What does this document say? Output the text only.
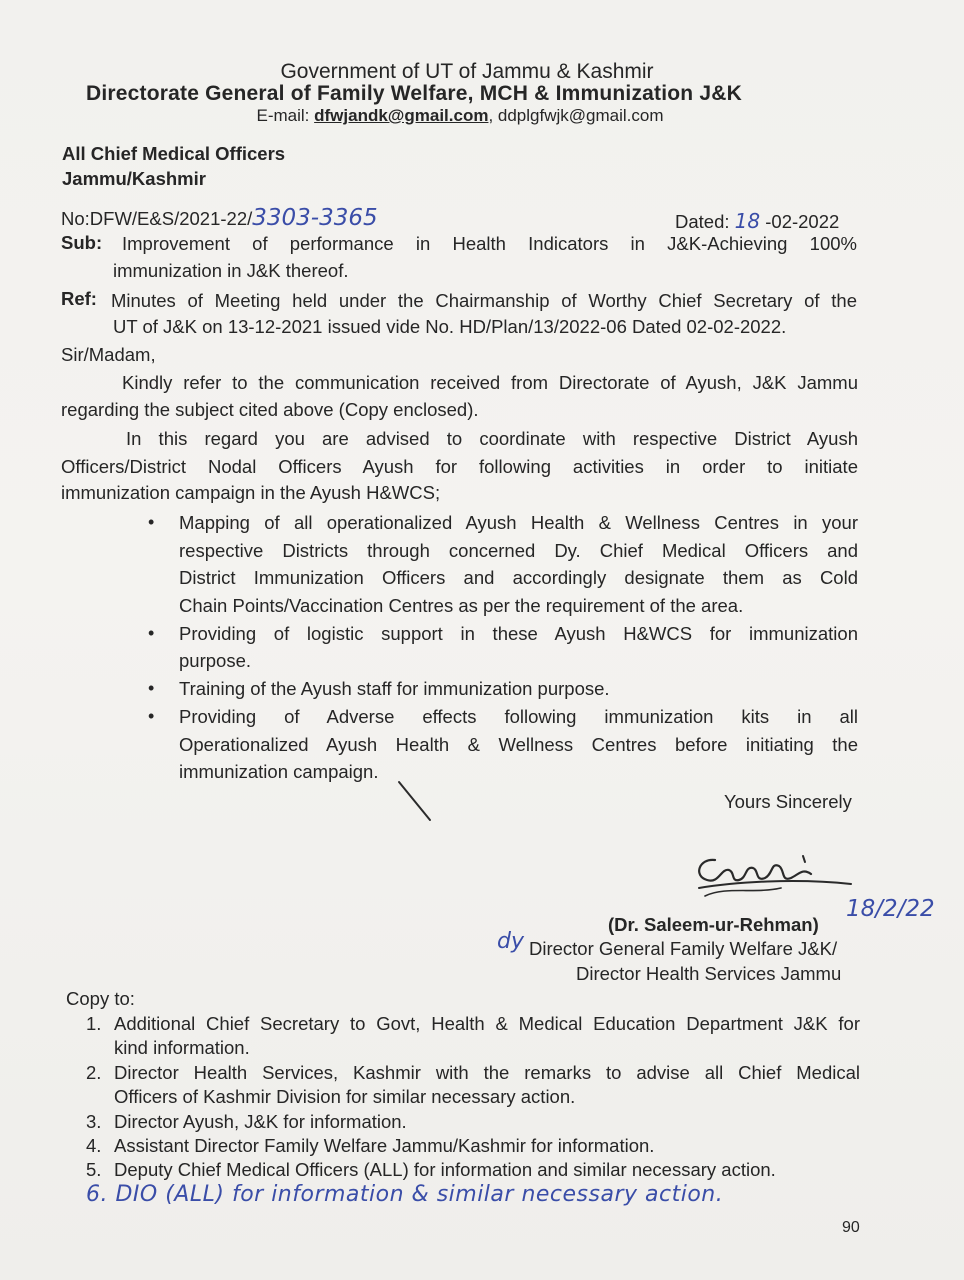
Government of UT of Jammu & Kashmir
Directorate General of Family Welfare, MCH & Immunization J&K
E-mail: dfwjandk@gmail.com, ddplgfwjk@gmail.com
All Chief Medical Officers
Jammu/Kashmir
No:DFW/E&S/2021-22/3303-3365	Dated: 18 -02-2022
Sub: Improvement of performance in Health Indicators in J&K-Achieving 100%
immunization in J&K thereof.
Ref: Minutes of Meeting held under the Chairmanship of Worthy Chief Secretary of the
UT of J&K on 13-12-2021 issued vide No. HD/Plan/13/2022-06 Dated 02-02-2022.
Sir/Madam,
Kindly refer to the communication received from Directorate of Ayush, J&K Jammu
regarding the subject cited above (Copy enclosed).
In this regard you are advised to coordinate with respective District Ayush
Officers/District Nodal Officers Ayush for following activities in order to initiate
immunization campaign in the Ayush H&WCS;
• Mapping of all operationalized Ayush Health & Wellness Centres in your
respective Districts through concerned Dy. Chief Medical Officers and
District Immunization Officers and accordingly designate them as Cold
Chain Points/Vaccination Centres as per the requirement of the area.
• Providing of logistic support in these Ayush H&WCS for immunization
purpose.
• Training of the Ayush staff for immunization purpose.
• Providing of Adverse effects following immunization kits in all
Operationalized Ayush Health & Wellness Centres before initiating the
immunization campaign.
Yours Sincerely
(Dr. Saleem-ur-Rehman)
18/2/22
dy Director General Family Welfare J&K/
Director Health Services Jammu
Copy to:
1. Additional Chief Secretary to Govt, Health & Medical Education Department J&K for
kind information.
2. Director Health Services, Kashmir with the remarks to advise all Chief Medical
Officers of Kashmir Division for similar necessary action.
3. Director Ayush, J&K for information.
4. Assistant Director Family Welfare Jammu/Kashmir for information.
5. Deputy Chief Medical Officers (ALL) for information and similar necessary action.
6. DIO (ALL) for information & similar necessary action.
90
